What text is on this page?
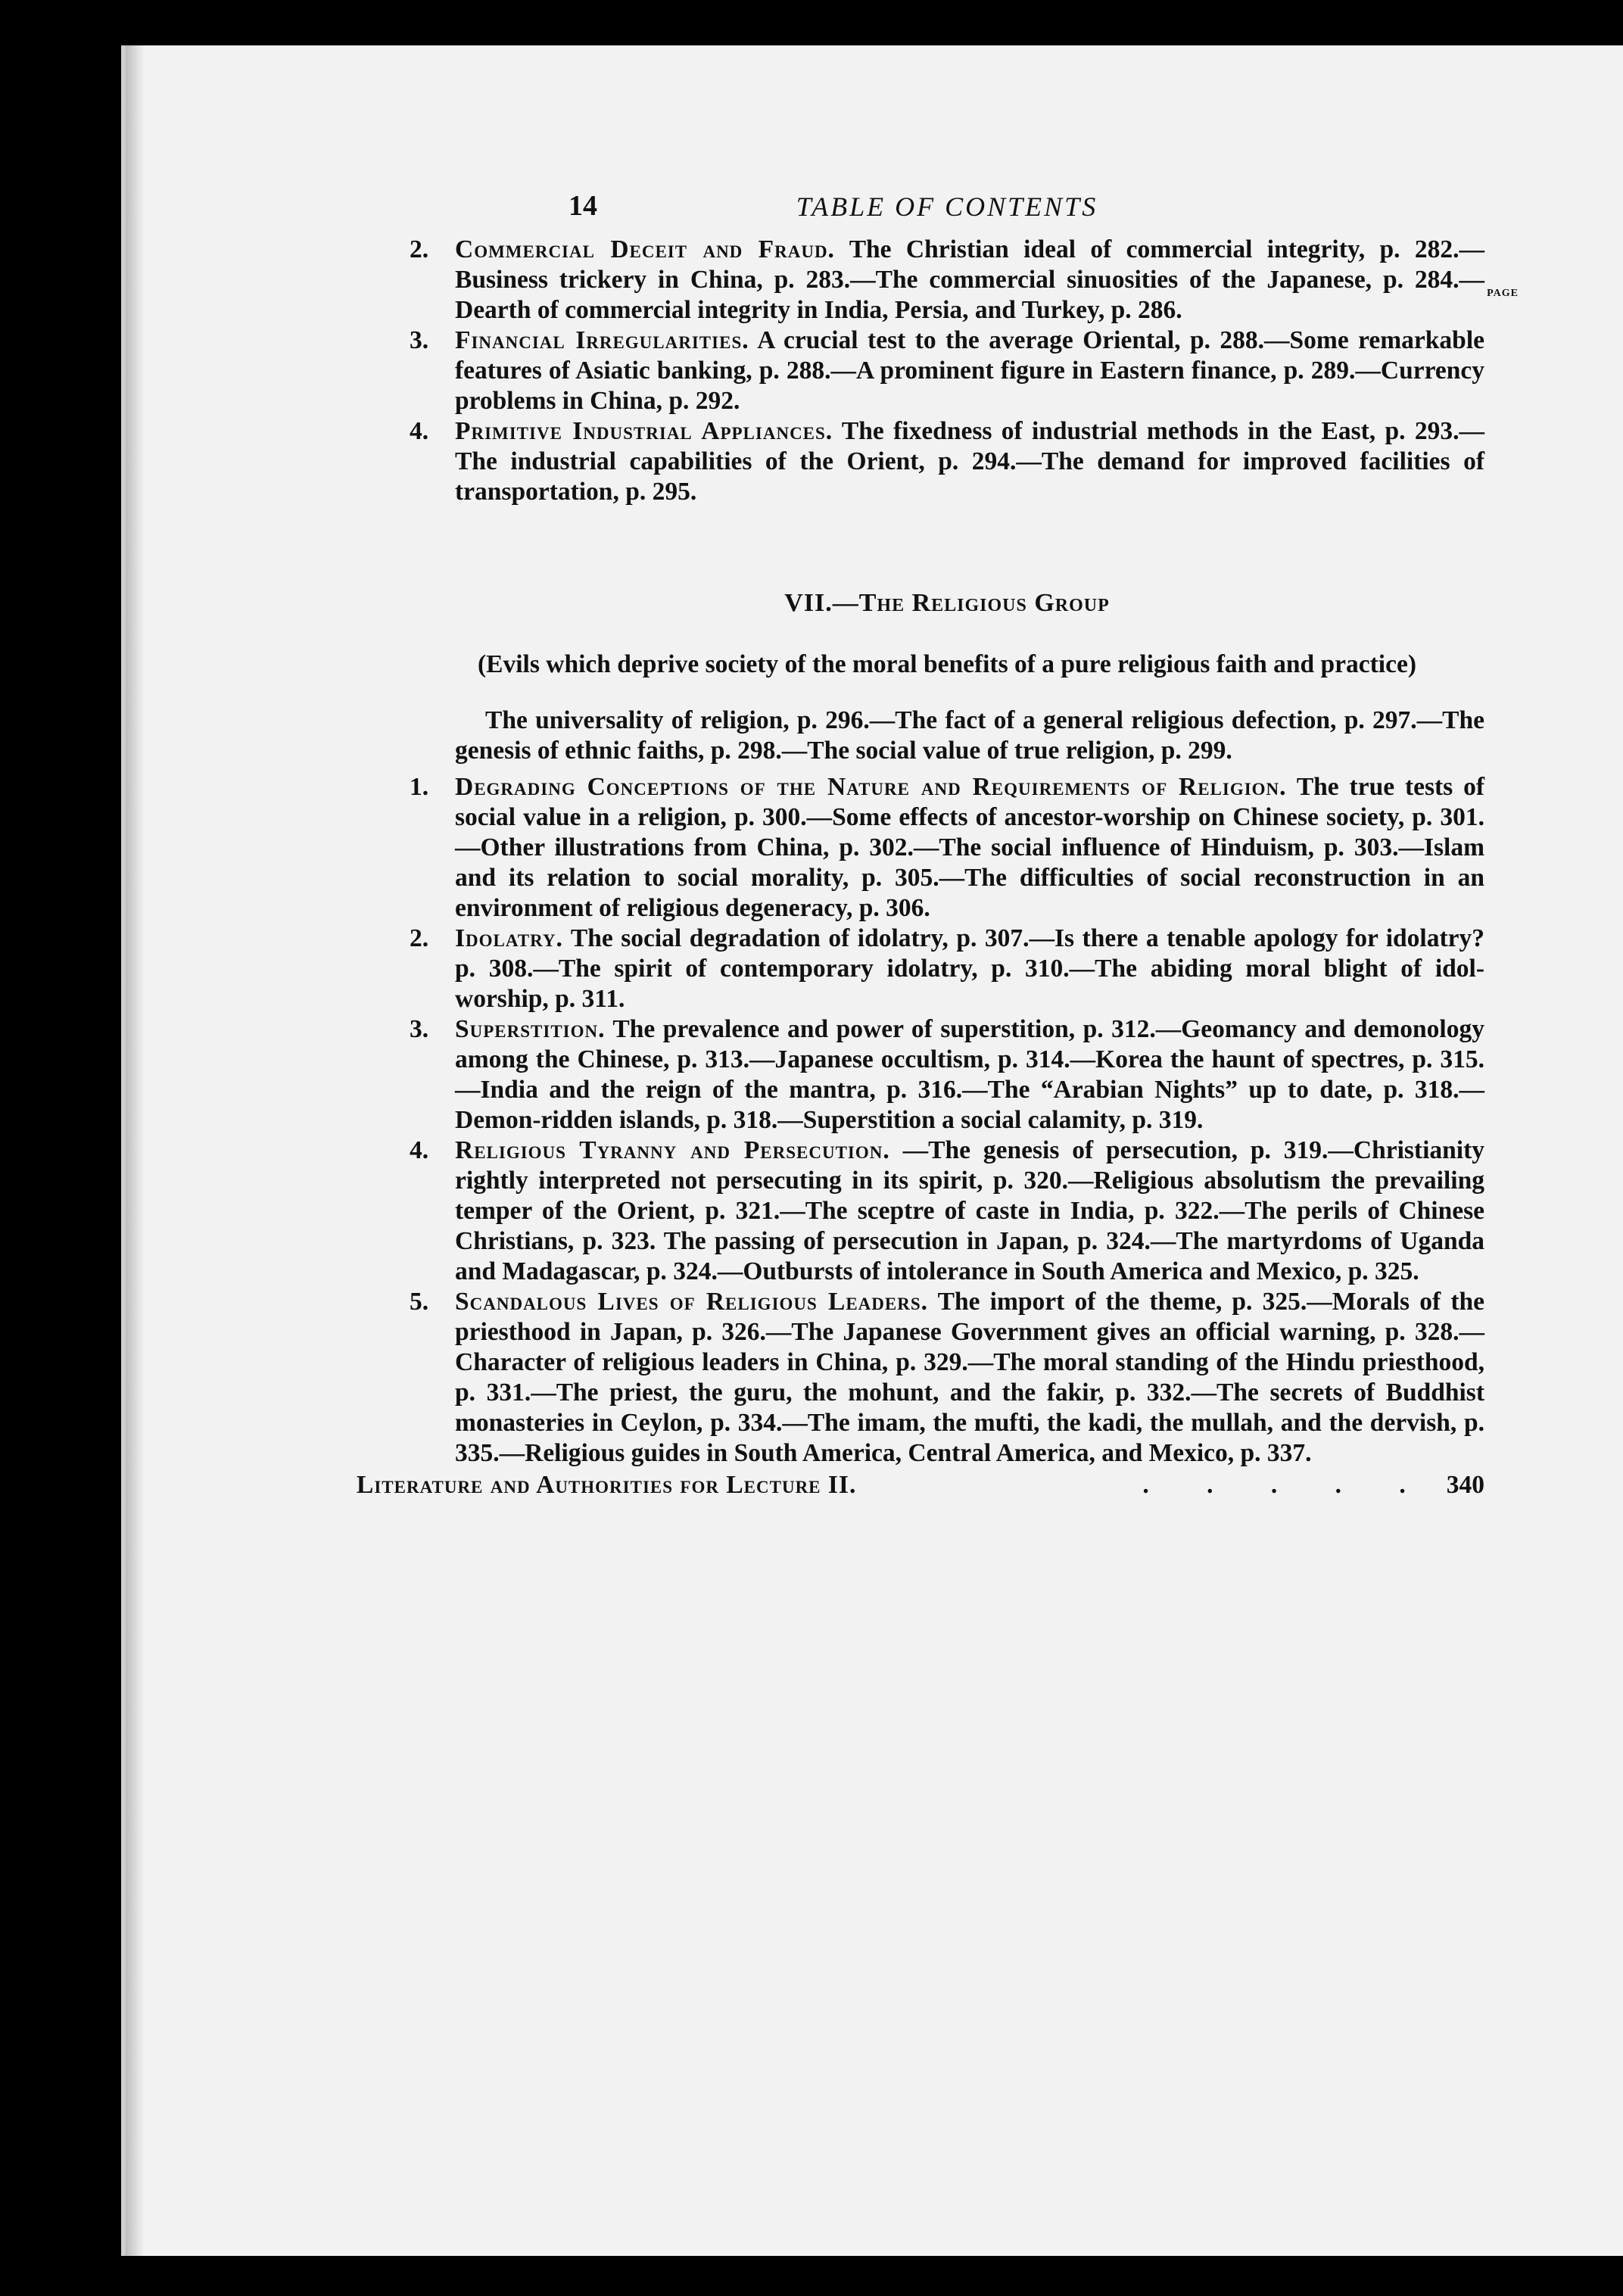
14	TABLE OF CONTENTS
PAGE

2. Commercial Deceit and Fraud. The Christian ideal of commercial integrity, p. 282.—Business trickery in China, p. 283.—The commercial sinuosities of the Japanese, p. 284.—Dearth of commercial integrity in India, Persia, and Turkey, p. 286.

3. Financial Irregularities. A crucial test to the average Oriental, p. 288.—Some remarkable features of Asiatic banking, p. 288.—A prominent figure in Eastern finance, p. 289.—Currency problems in China, p. 292.

4. Primitive Industrial Appliances. The fixedness of industrial methods in the East, p. 293.—The industrial capabilities of the Orient, p. 294.—The demand for improved facilities of transportation, p. 295.

VII.—The Religious Group
(Evils which deprive society of the moral benefits of a pure religious faith and practice)

The universality of religion, p. 296.—The fact of a general religious defection, p. 297.—The genesis of ethnic faiths, p. 298.—The social value of true religion, p. 299.

1. Degrading Conceptions of the Nature and Requirements of Religion. The true tests of social value in a religion, p. 300.—Some effects of ancestor-worship on Chinese society, p. 301.—Other illustrations from China, p. 302.—The social influence of Hinduism, p. 303.—Islam and its relation to social morality, p. 305.—The difficulties of social reconstruction in an environment of religious degeneracy, p. 306.

2. Idolatry. The social degradation of idolatry, p. 307.—Is there a tenable apology for idolatry? p. 308.—The spirit of contemporary idolatry, p. 310.—The abiding moral blight of idol-worship, p. 311.

3. Superstition. The prevalence and power of superstition, p. 312.—Geomancy and demonology among the Chinese, p. 313.—Japanese occultism, p. 314.—Korea the haunt of spectres, p. 315.—India and the reign of the mantra, p. 316.—The “Arabian Nights” up to date, p. 318.—Demon-ridden islands, p. 318.—Superstition a social calamity, p. 319.

4. Religious Tyranny and Persecution. —The genesis of persecution, p. 319.—Christianity rightly interpreted not persecuting in its spirit, p. 320.—Religious absolutism the prevailing temper of the Orient, p. 321.—The sceptre of caste in India, p. 322.—The perils of Chinese Christians, p. 323. The passing of persecution in Japan, p. 324.—The martyrdoms of Uganda and Madagascar, p. 324.—Outbursts of intolerance in South America and Mexico, p. 325.

5. Scandalous Lives of Religious Leaders. The import of the theme, p. 325.—Morals of the priesthood in Japan, p. 326.—The Japanese Government gives an official warning, p. 328.—Character of religious leaders in China, p. 329.—The moral standing of the Hindu priesthood, p. 331.—The priest, the guru, the mohunt, and the fakir, p. 332.—The secrets of Buddhist monasteries in Ceylon, p. 334.—The imam, the mufti, the kadi, the mullah, and the dervish, p. 335.—Religious guides in South America, Central America, and Mexico, p. 337.

Literature and Authorities for Lecture II.	. . . . . 340
